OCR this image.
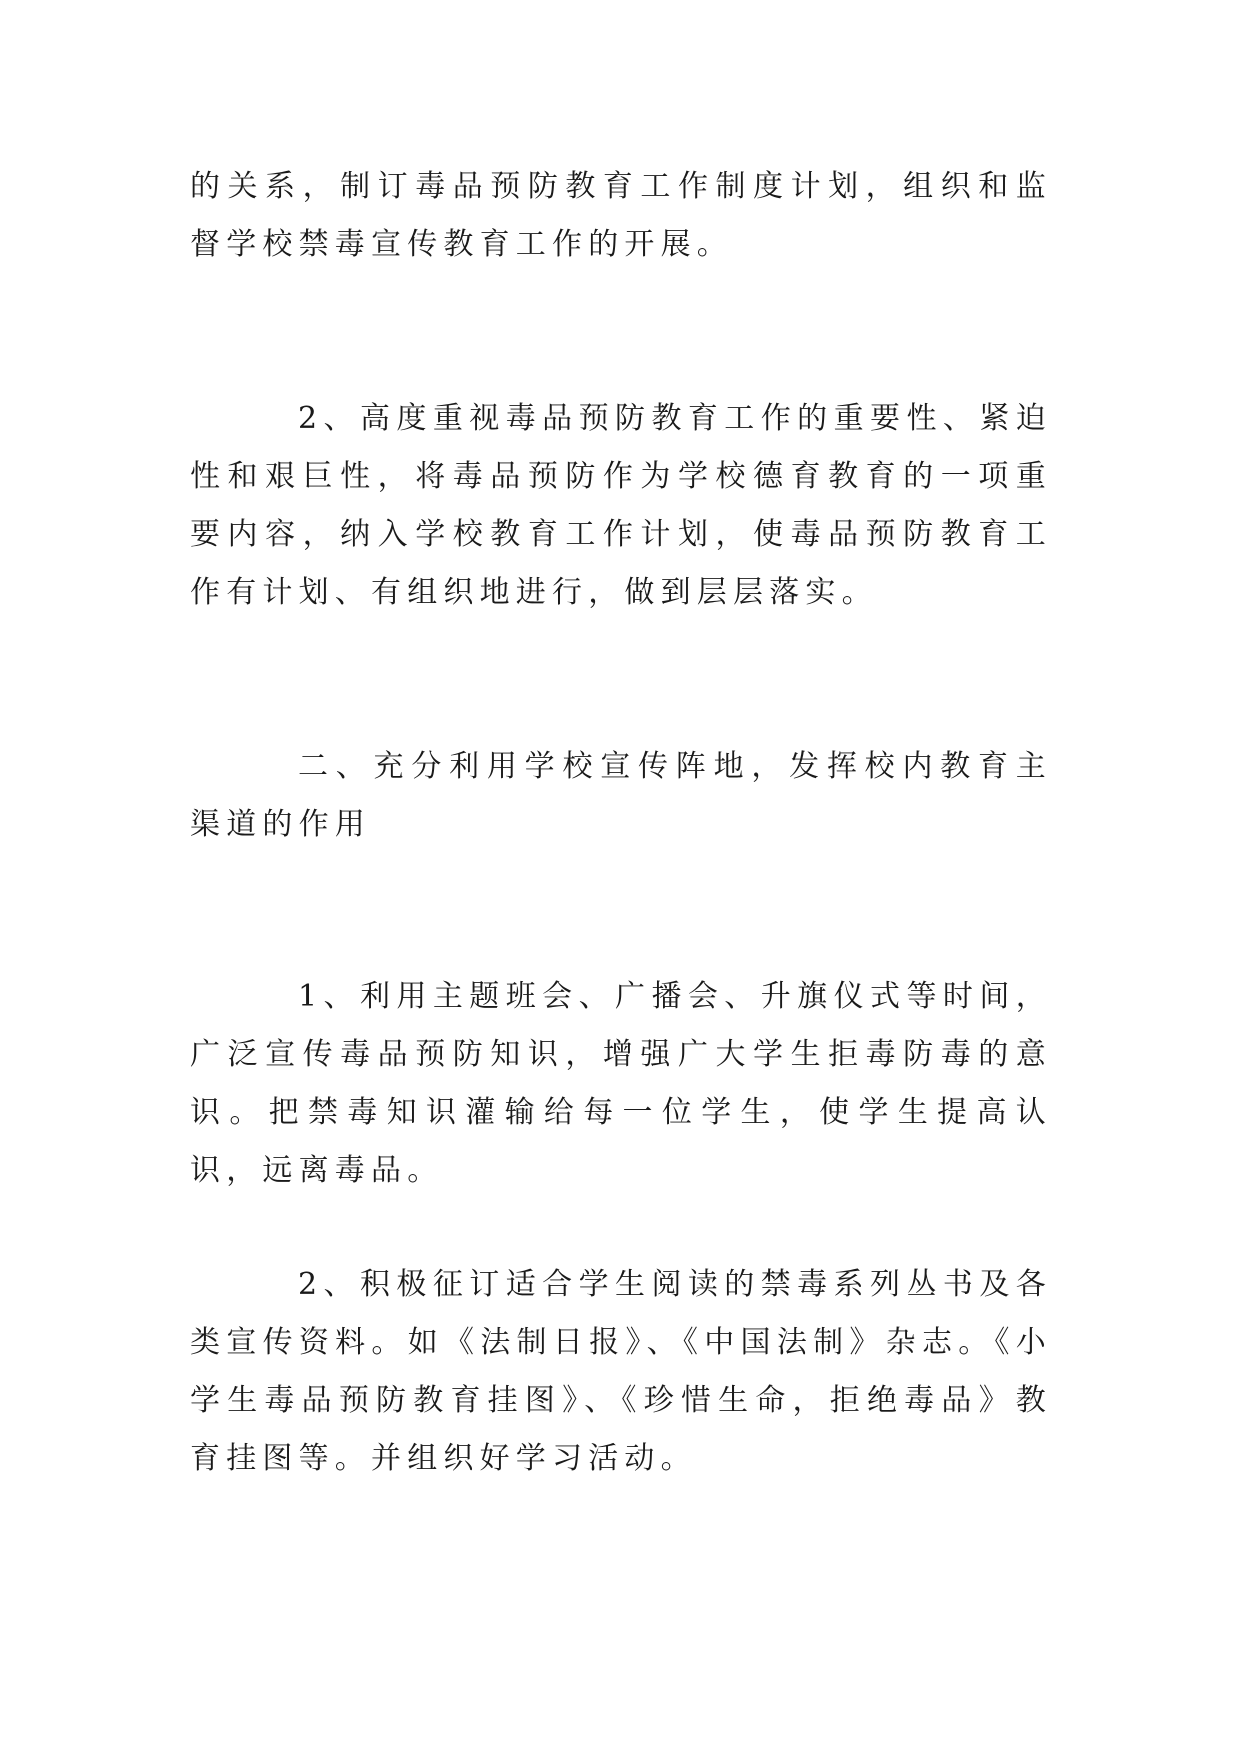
的关系，制订毒品预防教育工作制度计划，组织和监督学校禁毒宣传教育工作的开展。

2、高度重视毒品预防教育工作的重要性、紧迫性和艰巨性，将毒品预防作为学校德育教育的一项重要内容，纳入学校教育工作计划，使毒品预防教育工作有计划、有组织地进行，做到层层落实。

二、充分利用学校宣传阵地，发挥校内教育主渠道的作用

1、利用主题班会、广播会、升旗仪式等时间，广泛宣传毒品预防知识，增强广大学生拒毒防毒的意识。把禁毒知识灌输给每一位学生，使学生提高认识，远离毒品。

2、积极征订适合学生阅读的禁毒系列丛书及各类宣传资料。如《法制日报》、《中国法制》杂志。《小学生毒品预防教育挂图》、《珍惜生命，拒绝毒品》教育挂图等。并组织好学习活动。
